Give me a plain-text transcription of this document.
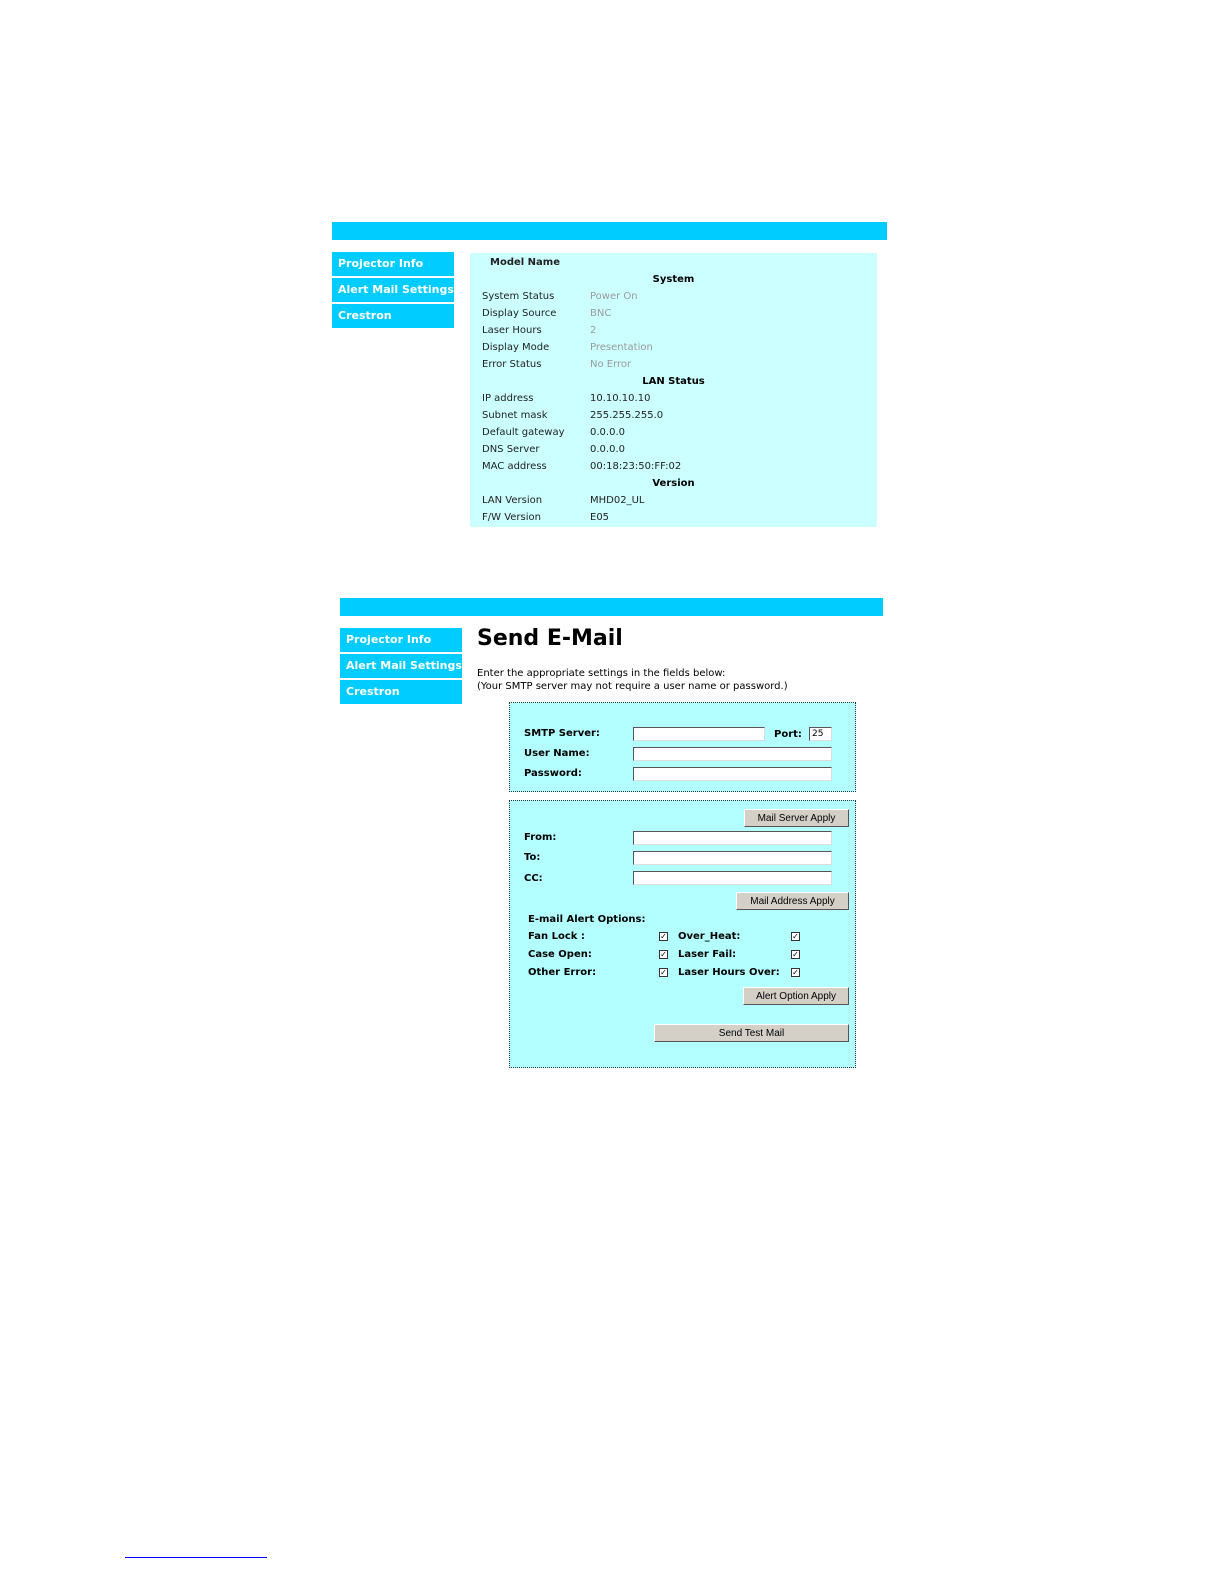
Projector Info
Alert Mail Settings
Crestron
Model Name	
System	
System Status	Power On
Display Source	BNC
Laser Hours	2
Display Mode	Presentation
Error Status	No Error
LAN Status	
IP address	10.10.10.10
Subnet mask	255.255.255.0
Default gateway	0.0.0.0
DNS Server	0.0.0.0
MAC address	00:18:23:50:FF:02
Version	
LAN Version	MHD02_UL
F/W Version	E05
Projector Info
Alert Mail Settings
Crestron
Send E-Mail
Enter the appropriate settings in the fields below:
(Your SMTP server may not require a user name or password.)
SMTP Server:	Port:
25
User Name:
Password:
Mail Server Apply
From:
To:
CC:
Mail Address Apply
E-mail Alert Options:
Fan Lock :	✓ Over_Heat:	✓
Case Open:	✓ Laser Fail:	✓
Other Error:	✓ Laser Hours Over: ✓
Alert Option Apply
Send Test Mail
